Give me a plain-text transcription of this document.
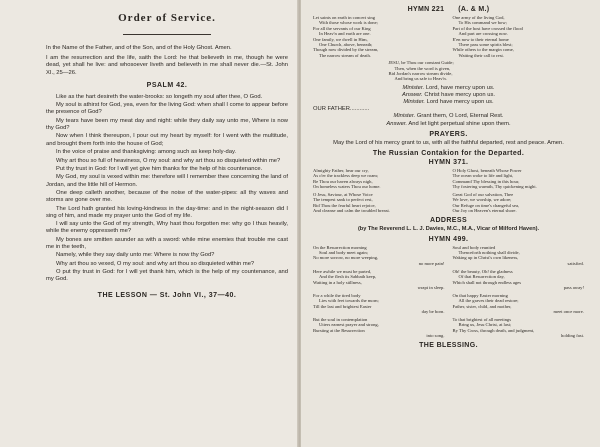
Order of Service.

In the Name of the Father, and of the Son, and of the Holy Ghost. Amen.

I am the resurrection and the life, saith the Lord: he that believeth in me, though he were dead, yet shall he live: and whosoever liveth and believeth in me shall never die.—St. John XI., 25—26.

PSALM 42.

Like as the hart desireth the water-brooks: so longeth my soul after thee, O God.

My soul is athirst for God, yea, even for the living God: when shall I come to appear before the presence of God?

My tears have been my meat day and night: while they daily say unto me, Where is now thy God?

Now when I think thereupon, I pour out my heart by myself: for I went with the multitude, and brought them forth into the house of God;

In the voice of praise and thanksgiving: among such as keep holy-day.

Why art thou so full of heaviness, O my soul: and why art thou so disquieted within me?

Put thy trust in God: for I will yet give him thanks for the help of his countenance.

My God, my soul is vexed within me: therefore will I remember thee concerning the land of Jordan, and the little hill of Hermon.

One deep calleth another, because of the noise of the water-pipes: all thy waves and storms are gone over me.

The Lord hath granted his loving-kindness in the day-time: and in the night-season did I sing of him, and made my prayer unto the God of my life.

I will say unto the God of my strength, Why hast thou forgotten me: why go I thus heavily, while the enemy oppresseth me?

My bones are smitten asunder as with a sword: while mine enemies that trouble me cast me in the teeth,

Namely, while they say daily unto me: Where is now thy God?

Why art thou so vexed, O my soul: and why art thou so disquieted within me?

O put thy trust in God: for I will yet thank him, which is the help of my countenance, and my God.

THE LESSON — St. John VI., 37—40.
HYMN 221 (A. & M.)
Let saints on earth in concert sing
With those whose work is done;
For all the servants of our King
In Heav'n and earth are one.
One family, we dwell in Him,
One Church, above, beneath;
Though now divided by the stream,
The narrow stream of death.
One army of the living God,
To His command we bow;
Part of the host have crossed the flood
And part are crossing now.
E'en now to their eternal home
There pass some spirits blest;
While others to the margin come,
Waiting their call to rest.
JESU, be Thou our constant Guide;
Then, when the word is given,
Bid Jordan's narrow stream divide,
And bring us safe to Heav'n.
Minister. Lord, have mercy upon us.
Answer. Christ have mercy upon us.
Minister. Lord have mercy upon us.
OUR FATHER............
Minister. Grant them, O Lord, Eternal Rest.
Answer. And let light perpetual shine upon them.
PRAYERS.
May the Lord of his mercy grant to us, with all the faithful departed, rest and peace. Amen.
The Russian Contakion for the Departed.
HYMN 371.
Almighty Father, hear our cry,
As o'er the trackless deep we roam;
Be Thou our haven always nigh,
On homeless waters Thou our home.
O Jesu, Saviour, at Whose Voice
The tempest sank to perfect rest,
Bid Thou the fearful heart rejoice,
And cleanse and calm the troubled breast.
O Holy Ghost, beneath Whose Power
The ocean woke to life and light,
Command Thy blessing in this hour,
Thy fostering warmth, Thy quickening might.
Great God of our salvation, Thee
We love, we worship, we adore;
Our Refuge on time's changeful sea,
Our Joy on Heaven's eternal shore.
ADDRESS
(by The Reverend L. L. J. Davies, M.C., M.A., Vicar of Milford Haven).
HYMN 499.
On the Resurrection morning
Soul and body meet again;
No more sorrow, no more weeping,
no more pain!
Here awhile we must be parted,
And the flesh its Sabbath keep,
Waiting in a holy stillness,
wrapt in sleep.
For a while the tired body
Lies with feet towards the morn;
Till the last and brightest Easter
day be born.
But the soul in contemplation
Utters earnest prayer and strong,
Bursting at the Resurrection
into song.
Soul and body reunited
Thenceforth nothing shall divide,
Waking up in Christ's own likeness,
satisfied.
Oh! the beauty, Oh! the gladness
Of that Resurrection day,
Which shall not through endless ages
pass away!
On that happy Easter morning
All the graves their dead restore;
Father, sister, child, and mother,
meet once more.
To that brightest of all meetings
Bring us, Jesu Christ, at last;
By Thy Cross, through death, and judgment,
holding fast.
THE BLESSING.
